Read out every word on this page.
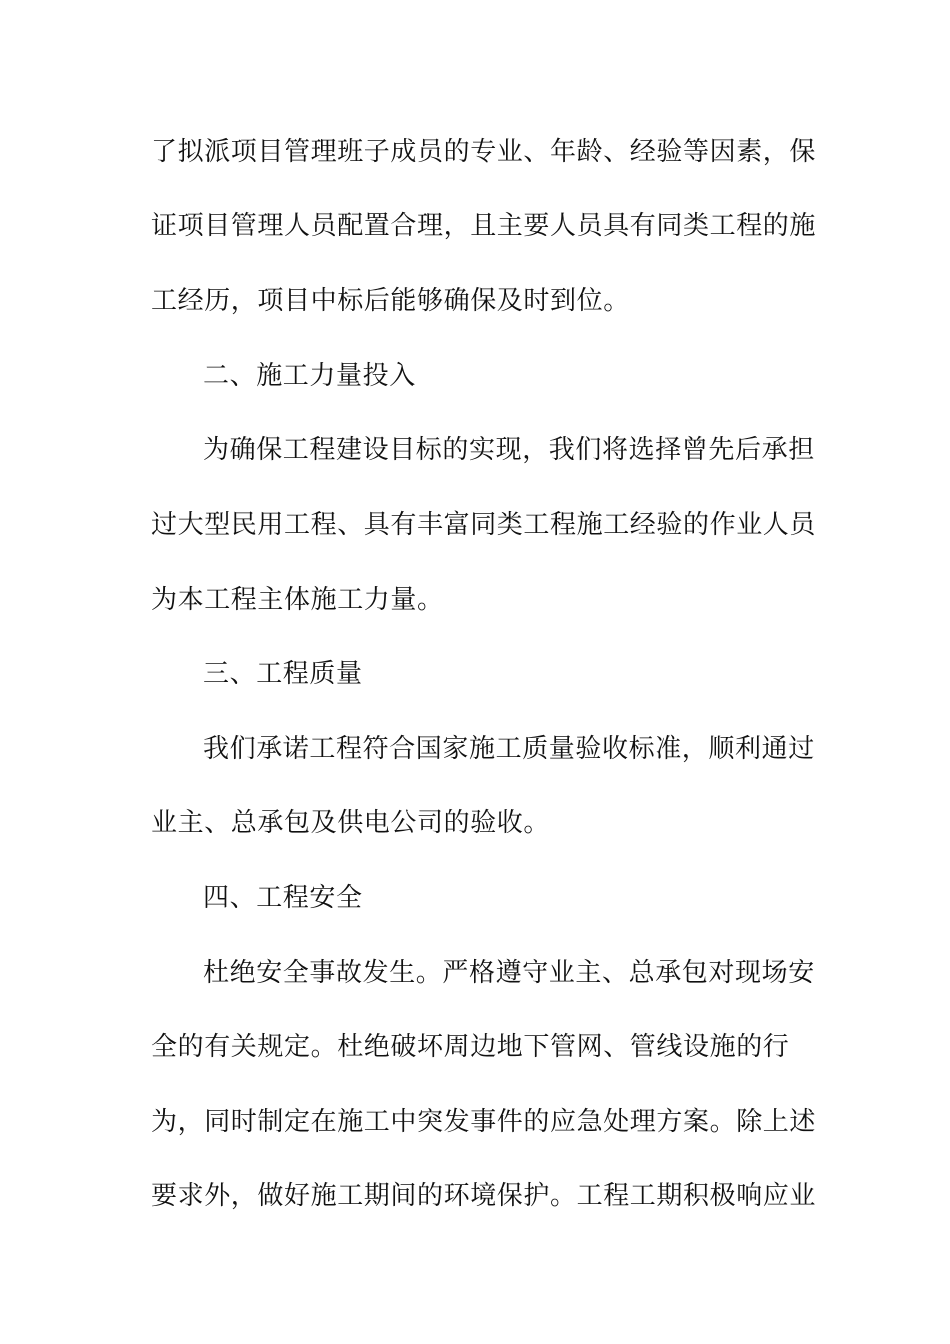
了拟派项目管理班子成员的专业、年龄、经验等因素，保
证项目管理人员配置合理，且主要人员具有同类工程的施
工经历，项目中标后能够确保及时到位。
二、施工力量投入
为确保工程建设目标的实现，我们将选择曾先后承担
过大型民用工程、具有丰富同类工程施工经验的作业人员
为本工程主体施工力量。
三、工程质量
我们承诺工程符合国家施工质量验收标准，顺利通过
业主、总承包及供电公司的验收。
四、工程安全
杜绝安全事故发生。严格遵守业主、总承包对现场安
全的有关规定。杜绝破坏周边地下管网、管线设施的行
为，同时制定在施工中突发事件的应急处理方案。除上述
要求外，做好施工期间的环境保护。工程工期积极响应业
